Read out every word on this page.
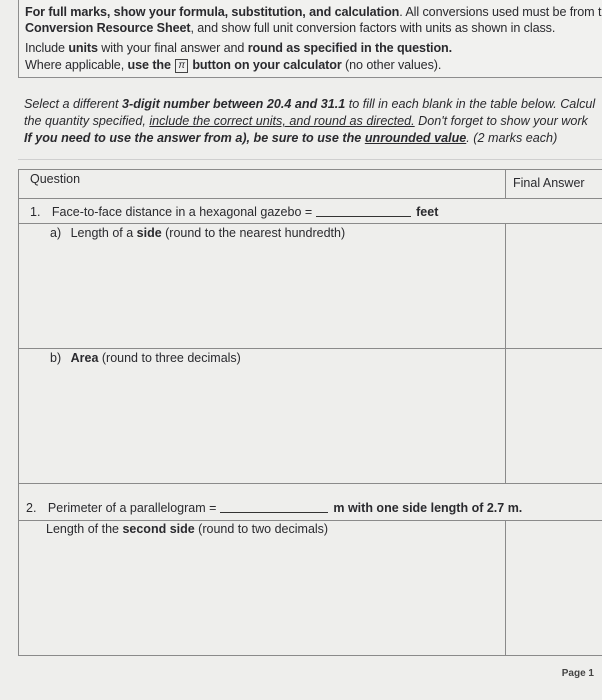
For full marks, show your formula, substitution, and calculation. All conversions used must be from t
Conversion Resource Sheet, and show full unit conversion factors with units as shown in class.
Include units with your final answer and round as specified in the question.
Where applicable, use the π button on your calculator (no other values).
Select a different 3-digit number between 20.4 and 31.1 to fill in each blank in the table below. Calcul
the quantity specified, include the correct units, and round as directed. Don't forget to show your work
If you need to use the answer from a), be sure to use the unrounded value. (2 marks each)
Question	Final Answer
1. Face-to-face distance in a hexagonal gazebo =	feet
a) Length of a side (round to the nearest hundredth)
b) Area (round to three decimals)
2. Perimeter of a parallelogram =	m with one side length of 2.7 m.
Length of the second side (round to two decimals)
Page 1
